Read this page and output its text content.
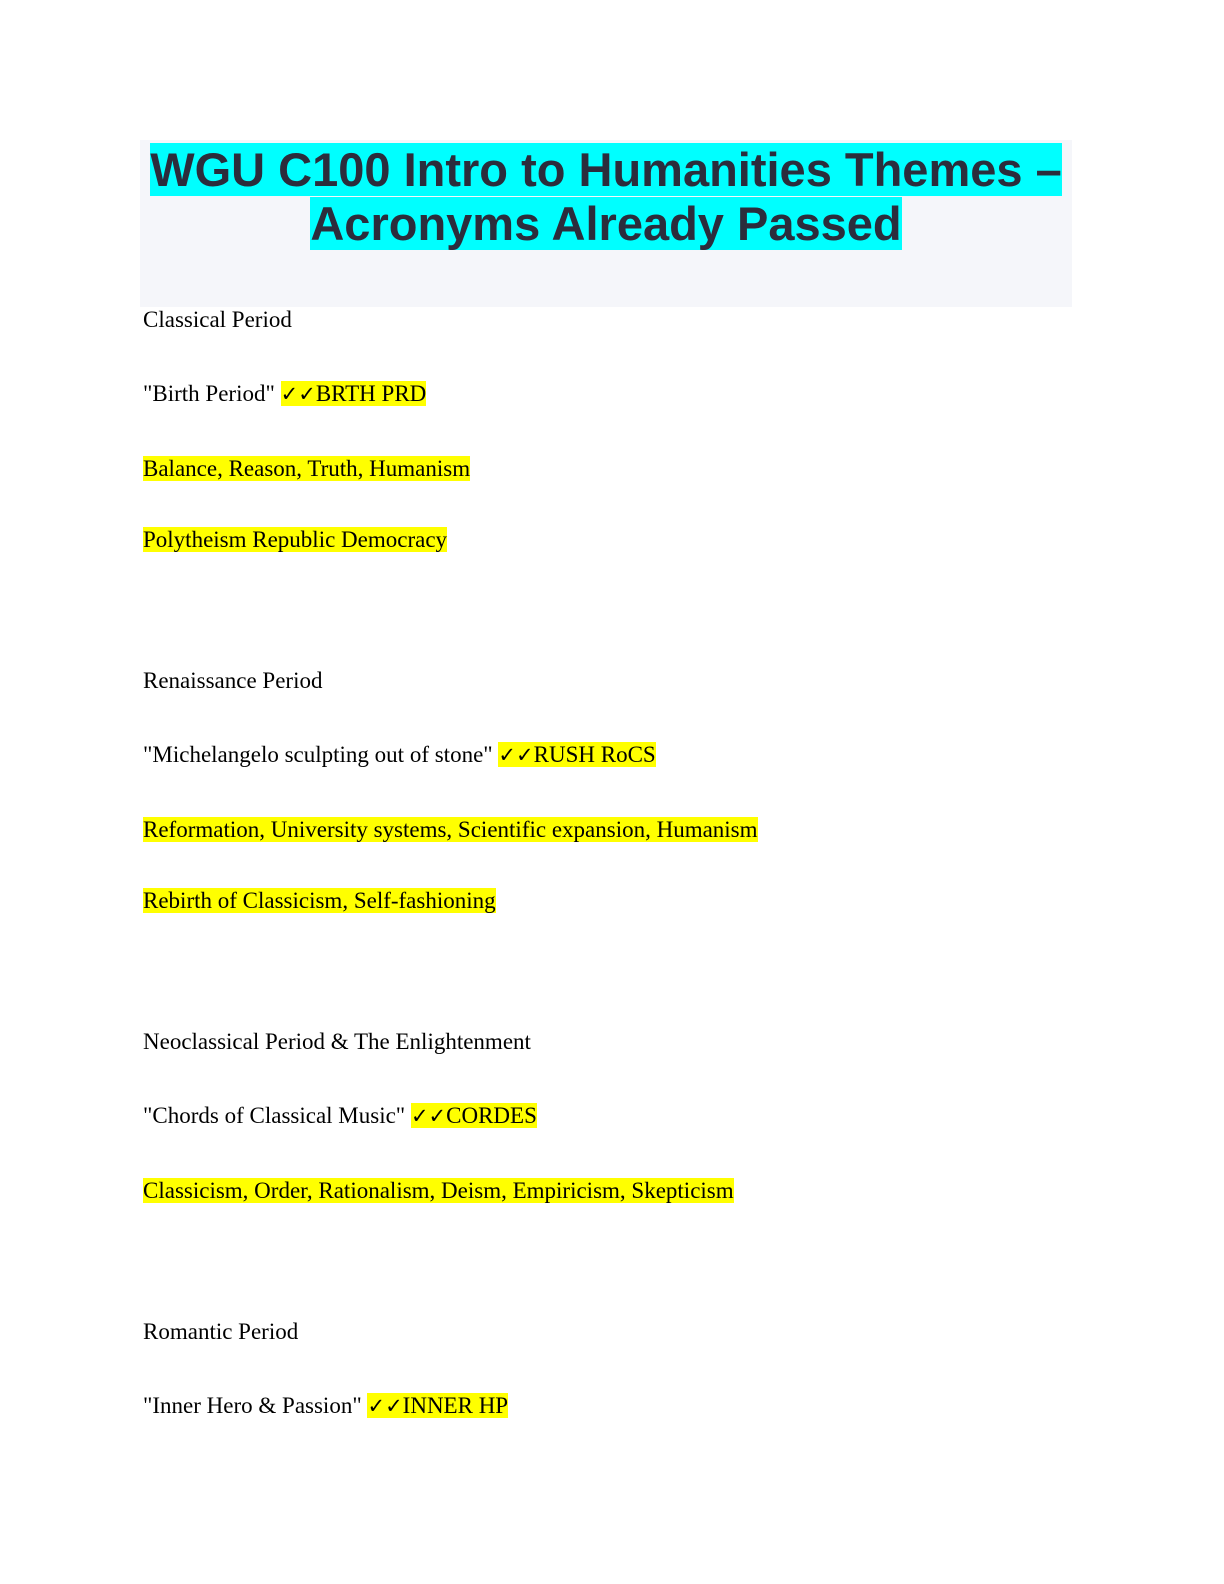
WGU C100 Intro to Humanities Themes –
Acronyms Already Passed
Classical Period
"Birth Period" ✓✓BRTH PRD
Balance, Reason, Truth, Humanism
Polytheism Republic Democracy
Renaissance Period
"Michelangelo sculpting out of stone" ✓✓RUSH RoCS
Reformation, University systems, Scientific expansion, Humanism
Rebirth of Classicism, Self-fashioning
Neoclassical Period & The Enlightenment
"Chords of Classical Music" ✓✓CORDES
Classicism, Order, Rationalism, Deism, Empiricism, Skepticism
Romantic Period
"Inner Hero & Passion" ✓✓INNER HP
